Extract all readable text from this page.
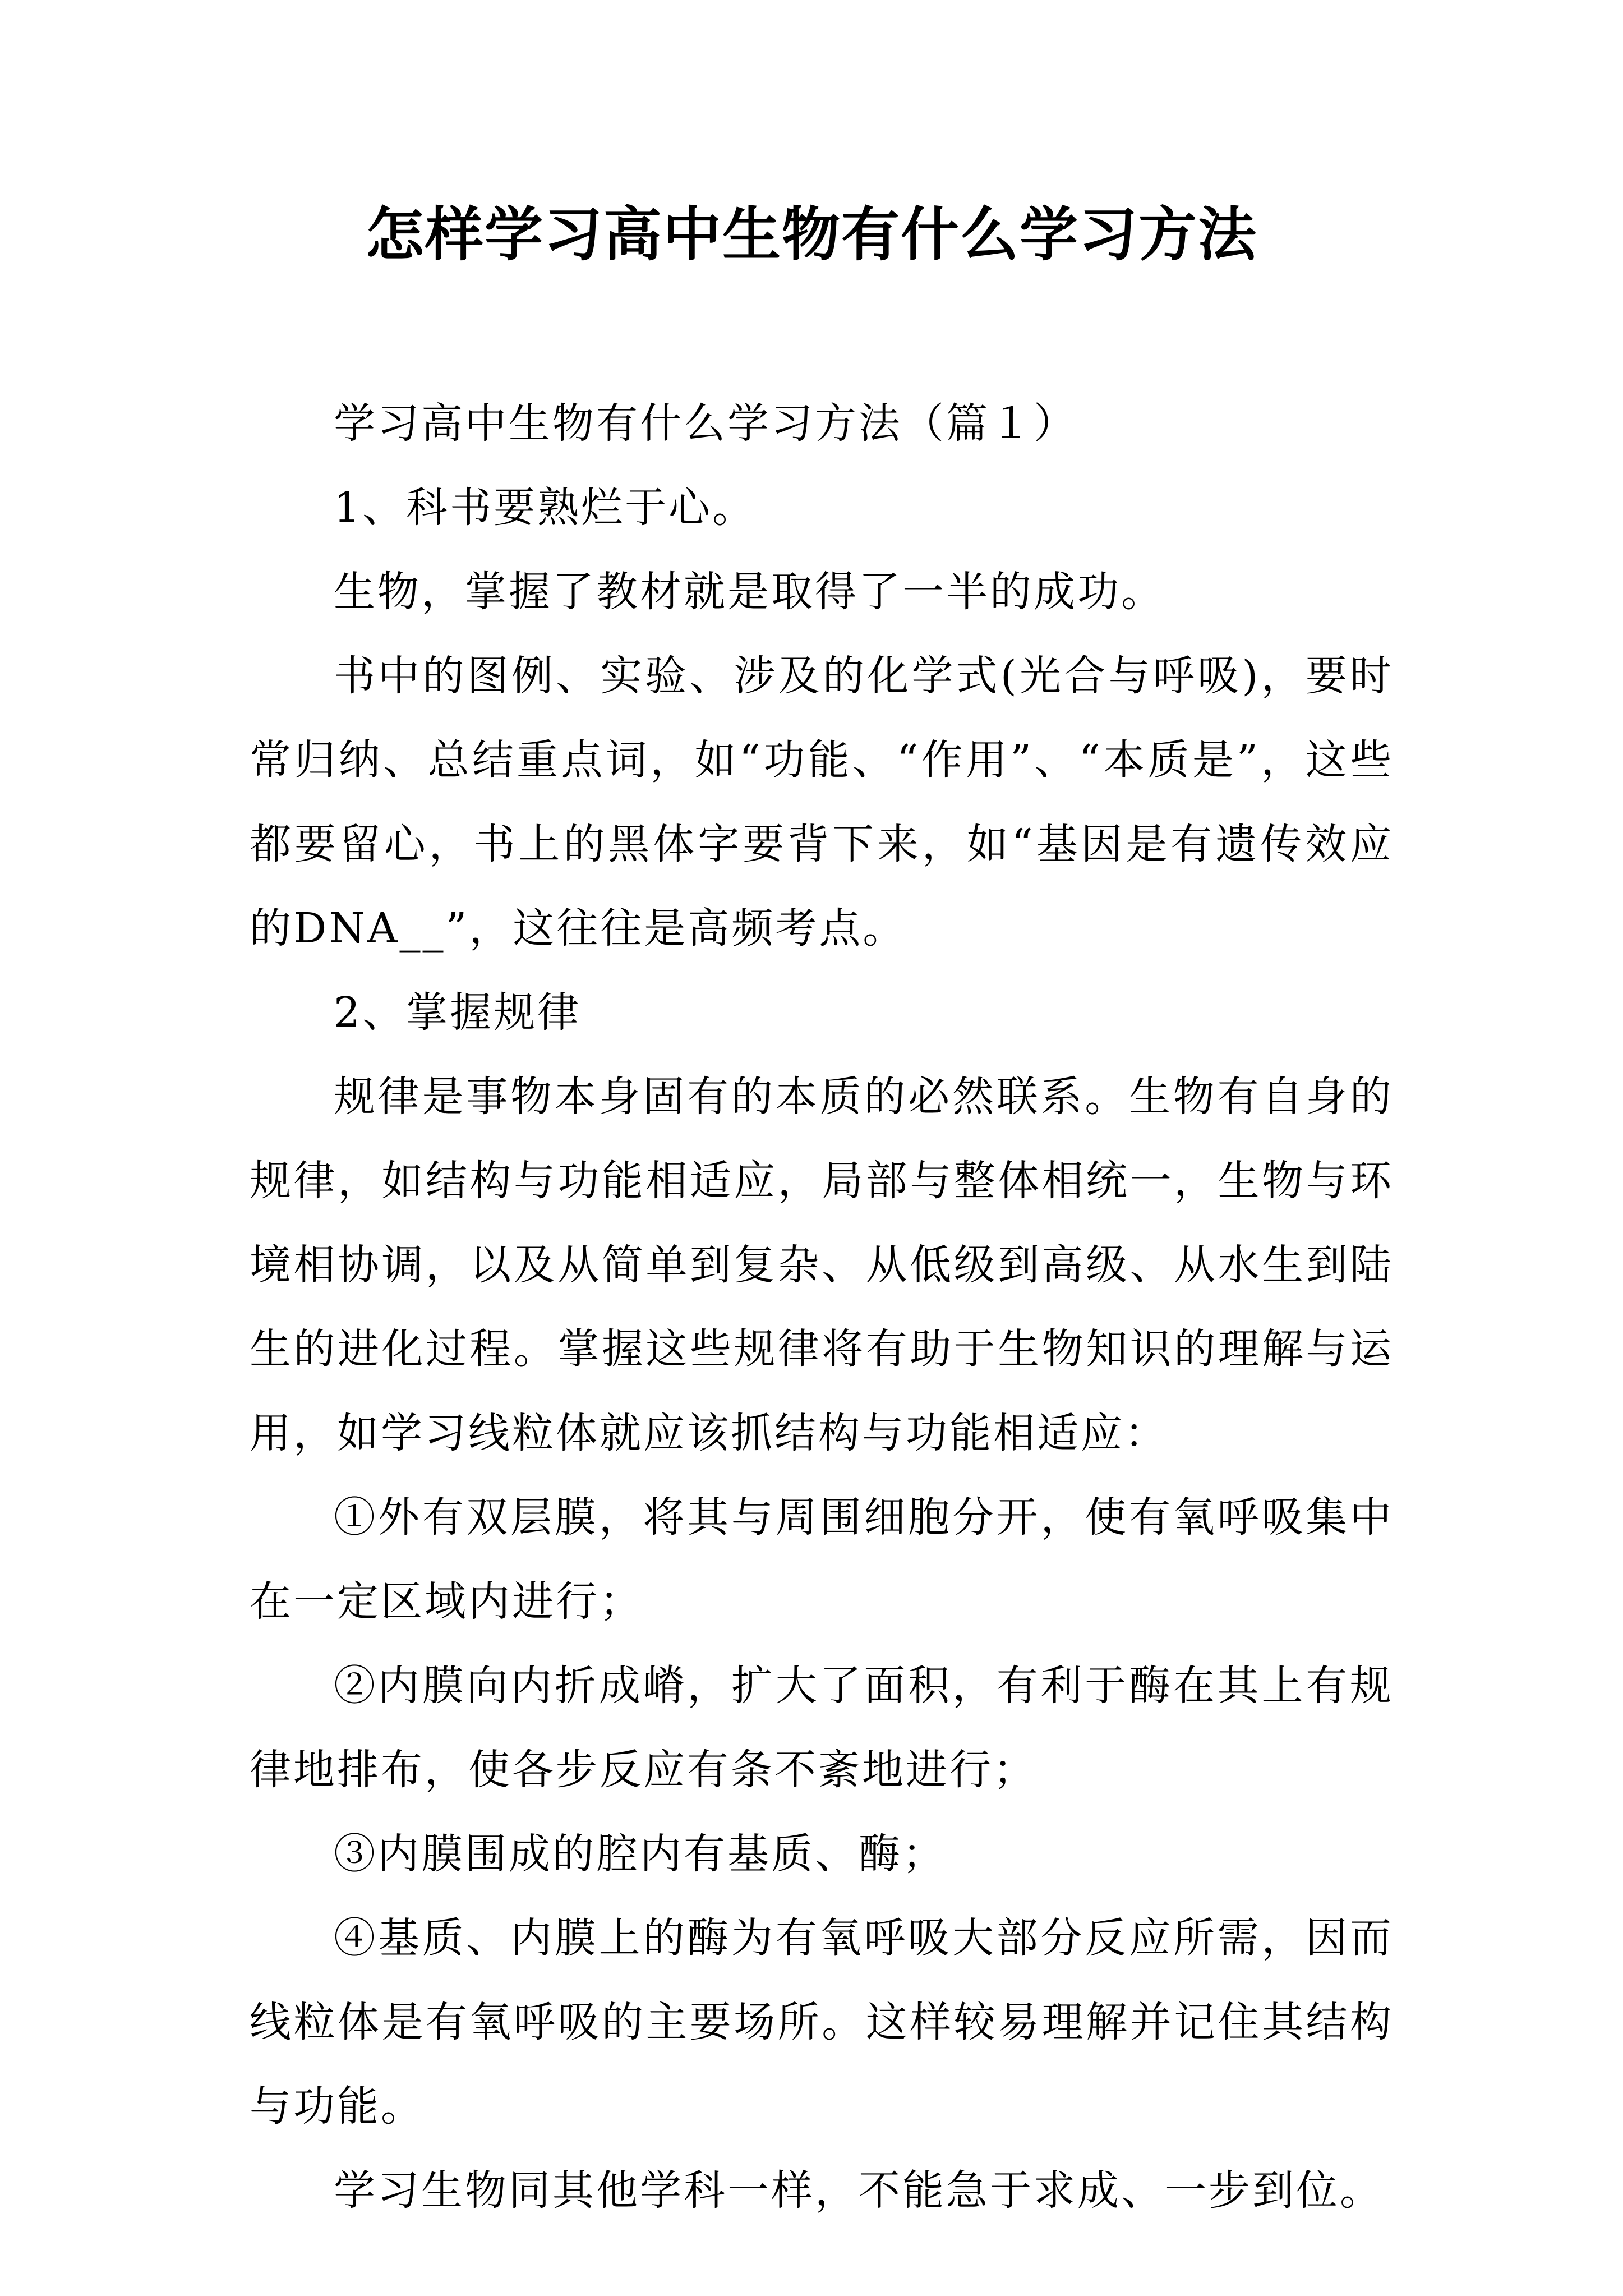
怎样学习高中生物有什么学习方法

学习高中生物有什么学习方法（篇１）

1、科书要熟烂于心。

生物，掌握了教材就是取得了一半的成功。

书中的图例、实验、涉及的化学式(光合与呼吸)，要时常归纳、总结重点词，如“功能、“作用”、“本质是”，这些都要留心，书上的黑体字要背下来，如“基因是有遗传效应的DNA__”，这往往是高频考点。

2、掌握规律

规律是事物本身固有的本质的必然联系。生物有自身的规律，如结构与功能相适应，局部与整体相统一，生物与环境相协调，以及从简单到复杂、从低级到高级、从水生到陆生的进化过程。掌握这些规律将有助于生物知识的理解与运用，如学习线粒体就应该抓结构与功能相适应：

①外有双层膜，将其与周围细胞分开，使有氧呼吸集中在一定区域内进行；

②内膜向内折成嵴，扩大了面积，有利于酶在其上有规律地排布，使各步反应有条不紊地进行；

③内膜围成的腔内有基质、酶；

④基质、内膜上的酶为有氧呼吸大部分反应所需，因而线粒体是有氧呼吸的主要场所。这样较易理解并记住其结构与功能。

学习生物同其他学科一样，不能急于求成、一步到位。
